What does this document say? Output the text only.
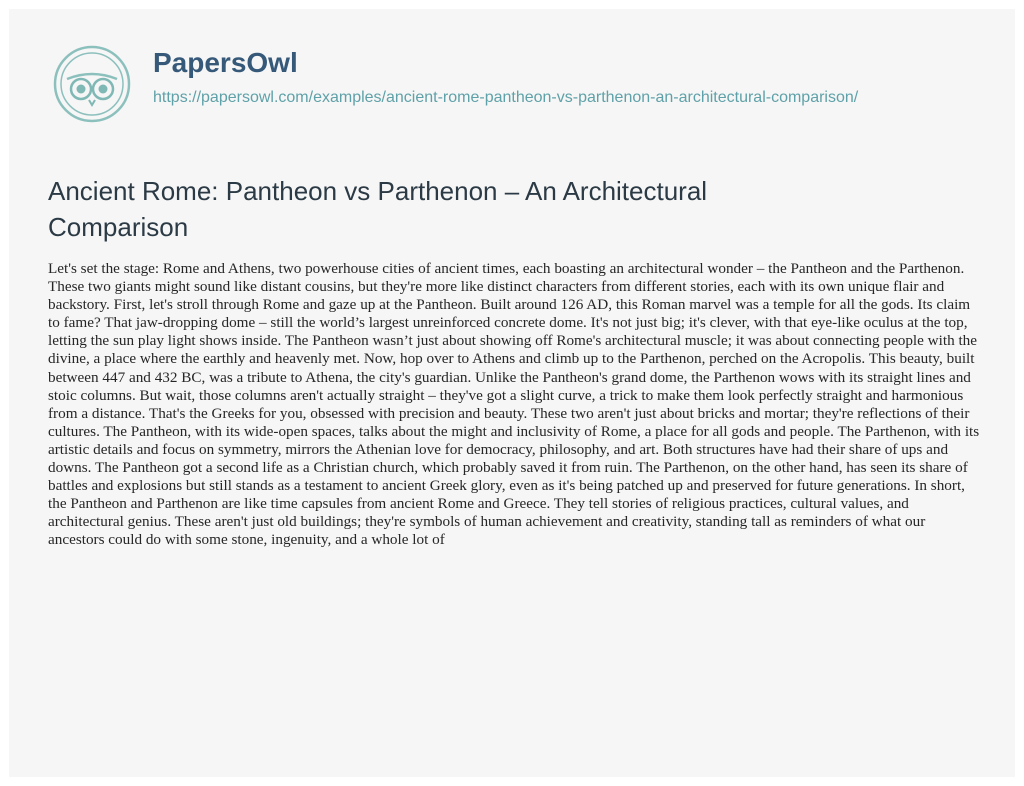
PapersOwl
https://papersowl.com/examples/ancient-rome-pantheon-vs-parthenon-an-architectural-comparison/
Ancient Rome: Pantheon vs Parthenon – An Architectural Comparison

Let's set the stage: Rome and Athens, two powerhouse cities of ancient times, each boasting an architectural wonder – the Pantheon and the Parthenon. These two giants might sound like distant cousins, but they're more like distinct characters from different stories, each with its own unique flair and backstory. First, let's stroll through Rome and gaze up at the Pantheon. Built around 126 AD, this Roman marvel was a temple for all the gods. Its claim to fame? That jaw-dropping dome – still the world’s largest unreinforced concrete dome. It's not just big; it's clever, with that eye-like oculus at the top, letting the sun play light shows inside. The Pantheon wasn’t just about showing off Rome's architectural muscle; it was about connecting people with the divine, a place where the earthly and heavenly met. Now, hop over to Athens and climb up to the Parthenon, perched on the Acropolis. This beauty, built between 447 and 432 BC, was a tribute to Athena, the city's guardian. Unlike the Pantheon's grand dome, the Parthenon wows with its straight lines and stoic columns. But wait, those columns aren't actually straight – they've got a slight curve, a trick to make them look perfectly straight and harmonious from a distance. That's the Greeks for you, obsessed with precision and beauty. These two aren't just about bricks and mortar; they're reflections of their cultures. The Pantheon, with its wide-open spaces, talks about the might and inclusivity of Rome, a place for all gods and people. The Parthenon, with its artistic details and focus on symmetry, mirrors the Athenian love for democracy, philosophy, and art. Both structures have had their share of ups and downs. The Pantheon got a second life as a Christian church, which probably saved it from ruin. The Parthenon, on the other hand, has seen its share of battles and explosions but still stands as a testament to ancient Greek glory, even as it's being patched up and preserved for future generations. In short, the Pantheon and Parthenon are like time capsules from ancient Rome and Greece. They tell stories of religious practices, cultural values, and architectural genius. These aren't just old buildings; they're symbols of human achievement and creativity, standing tall as reminders of what our ancestors could do with some stone, ingenuity, and a whole lot of
